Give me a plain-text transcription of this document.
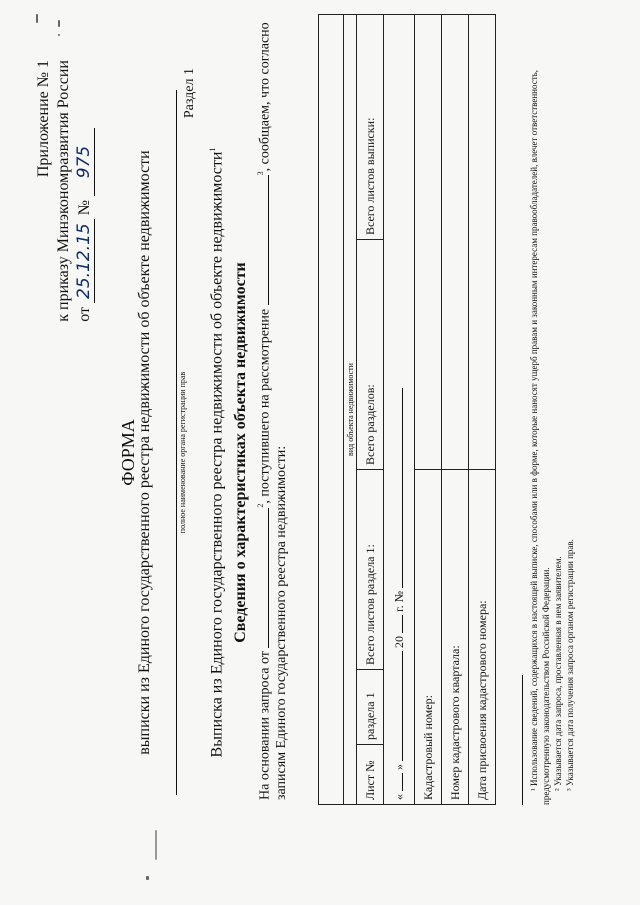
Приложение № 1 к приказу Минэкономразвития России от 25.12.15 № 975
ФОРМА
выписки из Единого государственного реестра недвижимости об объекте недвижимости	полное наименование органа регистрации прав
Раздел 1
Выписка из Единого государственного реестра недвижимости об объекте недвижимости$^1$
Сведения о характеристиках объекта недвижимости
На основании запроса от $^2$, поступившего на рассмотрение $^3$, сообщаем, что согласно
записям Единого государственного реестра недвижимости:

вид объекта недвижимости				
Лист №	раздела 1	Всего листов раздела 1:	Всего разделов:	Всего листов выписки:
«  »  20  г. №				
Кадастровый номер:				
Номер кадастрового квартала:				
Дата присвоения кадастрового номера:					¹ Использование сведений, содержащихся в настоящей выписке, способами или в форме, которые наносят ущерб правам и законным интересам правообладателей, влечет ответственность, предусмотренную законодательством Российской Федерации. ² Указывается дата запроса, проставленная в нем заявителем. ³ Указывается дата получения запроса органом регистрации прав.
